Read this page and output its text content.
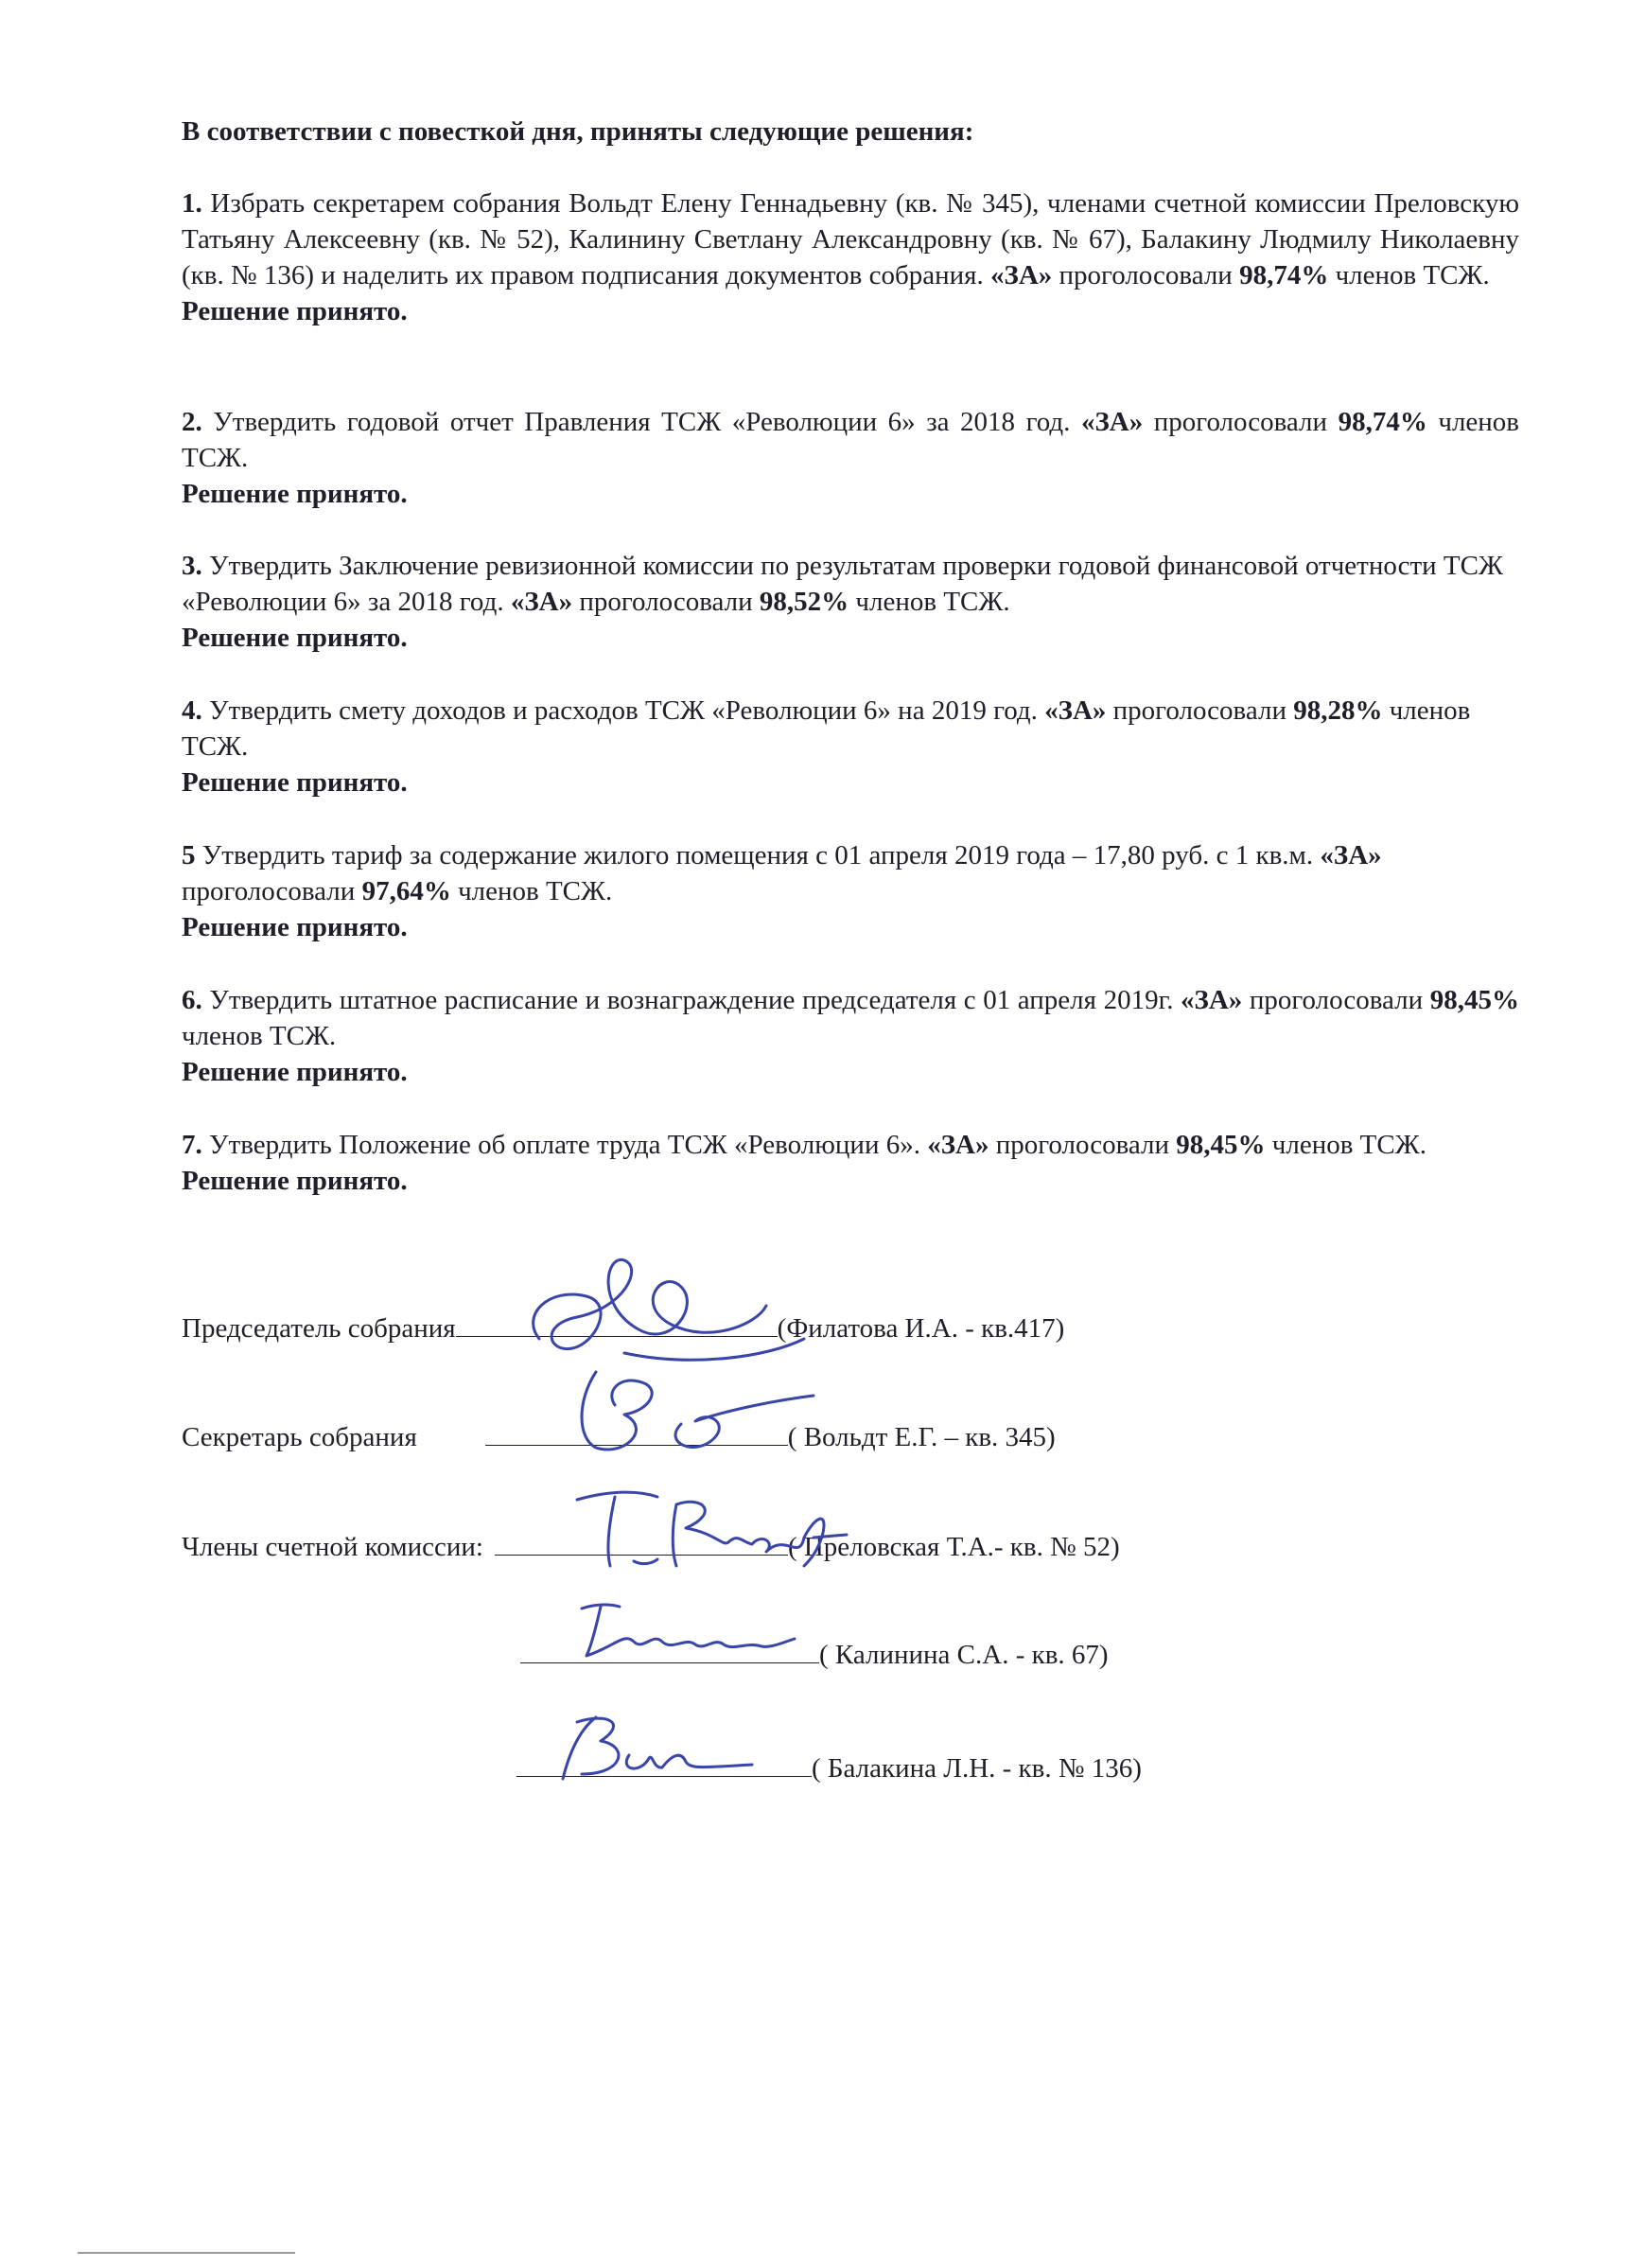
В соответствии с повесткой дня, приняты следующие решения:
1. Избрать секретарем собрания Вольдт Елену Геннадьевну (кв. № 345), членами счетной комиссии Преловскую Татьяну Алексеевну (кв. № 52), Калинину Светлану Александровну (кв. № 67), Балакину Людмилу Николаевну (кв. № 136) и наделить их правом подписания документов собрания. «ЗА» проголосовали 98,74% членов ТСЖ.
Решение принято.
2. Утвердить годовой отчет Правления ТСЖ «Революции 6» за 2018 год. «ЗА» проголосовали 98,74% членов ТСЖ.
Решение принято.
3. Утвердить Заключение ревизионной комиссии по результатам проверки годовой финансовой отчетности ТСЖ «Революции 6» за 2018 год. «ЗА» проголосовали 98,52% членов ТСЖ.
Решение принято.
4. Утвердить смету доходов и расходов ТСЖ «Революции 6» на 2019 год. «ЗА» проголосовали 98,28% членов ТСЖ.
Решение принято.
5 Утвердить тариф за содержание жилого помещения с 01 апреля 2019 года – 17,80 руб. с 1 кв.м. «ЗА» проголосовали 97,64% членов ТСЖ.
Решение принято.
6. Утвердить штатное расписание и вознаграждение председателя с 01 апреля 2019г. «ЗА» проголосовали 98,45% членов ТСЖ.
Решение принято.
7. Утвердить Положение об оплате труда ТСЖ «Революции 6». «ЗА» проголосовали 98,45% членов ТСЖ.
Решение принято.
Председатель собрания	(Филатова И.А. - кв.417)
Секретарь собрания	( Вольдт Е.Г. – кв. 345)
Члены счетной комиссии:	( Преловская Т.А.- кв. № 52)
( Калинина С.А. - кв. 67)
( Балакина Л.Н. - кв. № 136)
